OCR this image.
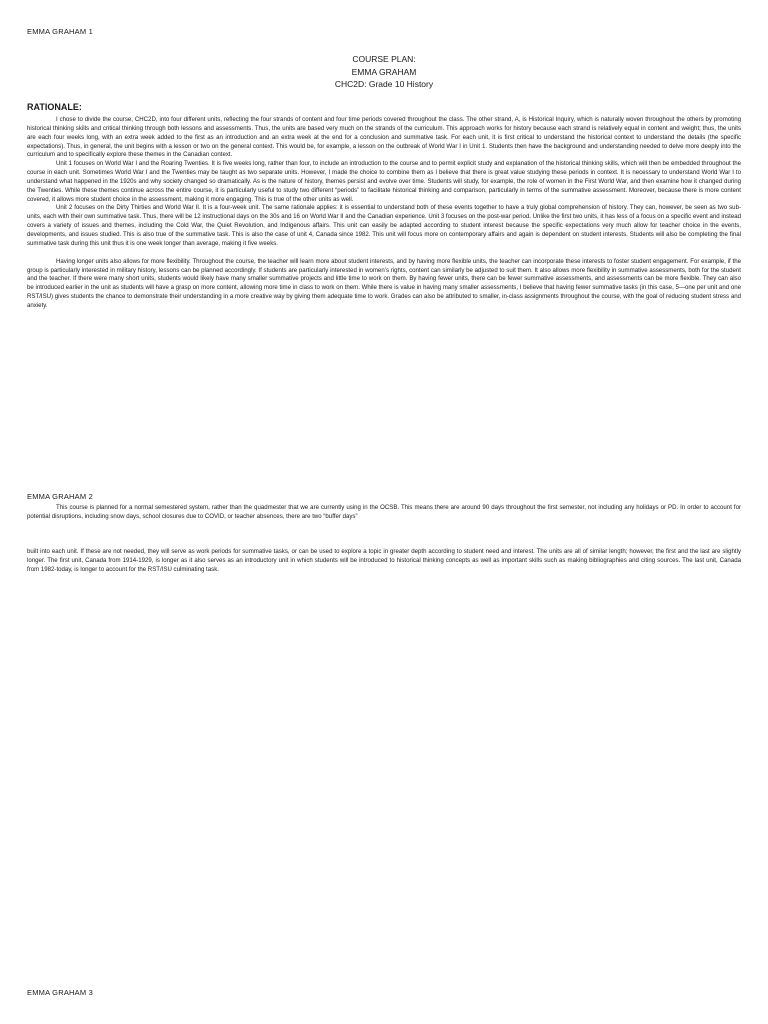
EMMA GRAHAM 1
COURSE PLAN:
EMMA GRAHAM
CHC2D: Grade 10 History
RATIONALE:

I chose to divide the course, CHC2D, into four different units, reflecting the four strands of content and four time periods covered throughout the class. The other strand, A, is Historical Inquiry, which is naturally woven throughout the others by promoting historical thinking skills and critical thinking through both lessons and assessments. Thus, the units are based very much on the strands of the curriculum. This approach works for history because each strand is relatively equal in content and weight; thus, the units are each four weeks long, with an extra week added to the first as an introduction and an extra week at the end for a conclusion and summative task. For each unit, it is first critical to understand the historical context to understand the details (the specific expectations). Thus, in general, the unit begins with a lesson or two on the general context. This would be, for example, a lesson on the outbreak of World War I in Unit 1. Students then have the background and understanding needed to delve more deeply into the curriculum and to specifically explore these themes in the Canadian context.

Unit 1 focuses on World War I and the Roaring Twenties. It is five weeks long, rather than four, to include an introduction to the course and to permit explicit study and explanation of the historical thinking skills, which will then be embedded throughout the course in each unit. Sometimes World War I and the Twenties may be taught as two separate units. However, I made the choice to combine them as I believe that there is great value studying these periods in context. It is necessary to understand World War I to understand what happened in the 1920s and why society changed so dramatically. As is the nature of history, themes persist and evolve over time. Students will study, for example, the role of women in the First World War, and then examine how it changed during the Twenties. While these themes continue across the entire course, it is particularly useful to study two different “periods” to facilitate historical thinking and comparison, particularly in terms of the summative assessment. Moreover, because there is more content covered, it allows more student choice in the assessment, making it more engaging. This is true of the other units as well.

Unit 2 focuses on the Dirty Thirties and World War II. It is a four-week unit. The same rationale applies: it is essential to understand both of these events together to have a truly global comprehension of history. They can, however, be seen as two sub-units, each with their own summative task. Thus, there will be 12 instructional days on the 30s and 16 on World War II and the Canadian experience. Unit 3 focuses on the post-war period. Unlike the first two units, it has less of a focus on a specific event and instead covers a variety of issues and themes, including the Cold War, the Quiet Revolution, and Indigenous affairs. This unit can easily be adapted according to student interest because the specific expectations very much allow for teacher choice in the events, developments, and issues studied. This is also true of the summative task. This is also the case of unit 4, Canada since 1982. This unit will focus more on contemporary affairs and again is dependent on student interests. Students will also be completing the final summative task during this unit thus it is one week longer than average, making it five weeks.

Having longer units also allows for more flexibility. Throughout the course, the teacher will learn more about student interests, and by having more flexible units, the teacher can incorporate these interests to foster student engagement. For example, if the group is particularly interested in military history, lessons can be planned accordingly. If students are particularly interested in women’s rights, content can similarly be adjusted to suit them. It also allows more flexibility in summative assessments, both for the student and the teacher. If there were many short units, students would likely have many smaller summative projects and little time to work on them. By having fewer units, there can be fewer summative assessments, and assessments can be more flexible. They can also be introduced earlier in the unit as students will have a grasp on more content, allowing more time in class to work on them. While there is value in having many smaller assessments, I believe that having fewer summative tasks (in this case, 5—one per unit and one RST/ISU) gives students the chance to demonstrate their understanding in a more creative way by giving them adequate time to work. Grades can also be attributed to smaller, in-class assignments throughout the course, with the goal of reducing student stress and anxiety.

EMMA GRAHAM 2

This course is planned for a normal semestered system, rather than the quadmester that we are currently using in the OCSB. This means there are around 90 days throughout the first semester, not including any holidays or PD. In order to account for potential disruptions, including snow days, school closures due to COVID, or teacher absences, there are two “buffer days”

built into each unit. If these are not needed, they will serve as work periods for summative tasks, or can be used to explore a topic in greater depth according to student need and interest. The units are all of similar length; however, the first and the last are slightly longer. The first unit, Canada from 1914-1929, is longer as it also serves as an introductory unit in which students will be introduced to historical thinking concepts as well as important skills such as making bibliographies and citing sources. The last unit, Canada from 1982-today, is longer to account for the RST/ISU culminating task.

EMMA GRAHAM 3
